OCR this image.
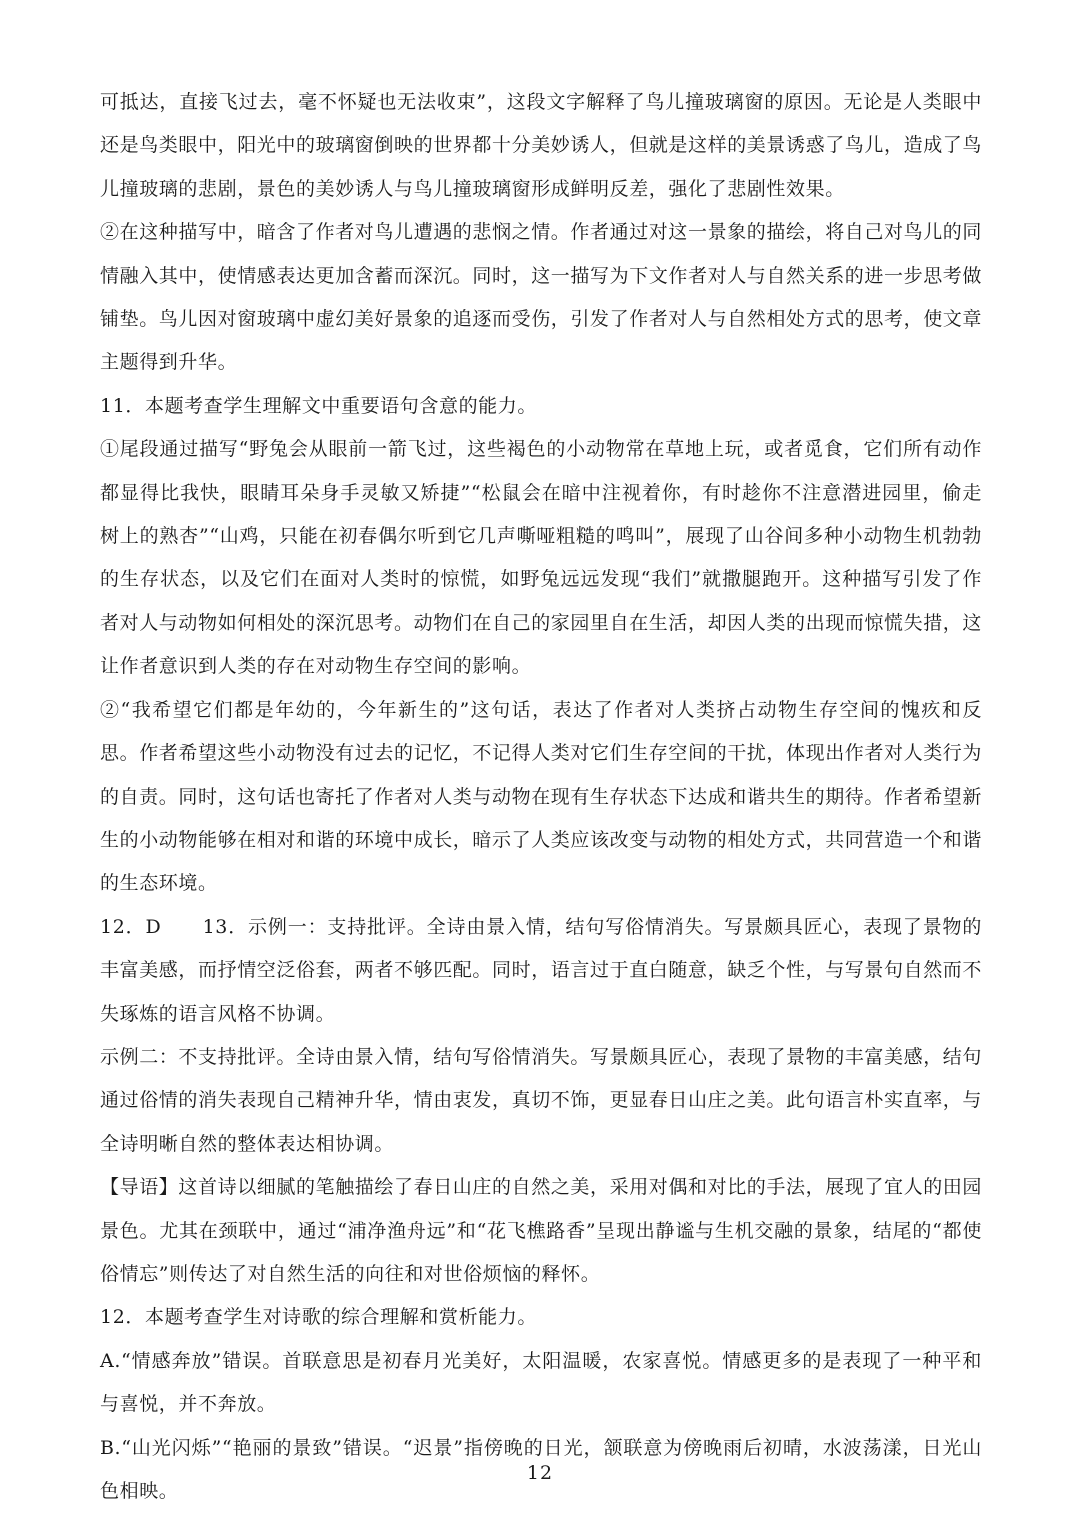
可抵达，直接飞过去，毫不怀疑也无法收束”，这段文字解释了鸟儿撞玻璃窗的原因。无论是人类眼中还是鸟类眼中，阳光中的玻璃窗倒映的世界都十分美妙诱人，但就是这样的美景诱惑了鸟儿，造成了鸟儿撞玻璃的悲剧，景色的美妙诱人与鸟儿撞玻璃窗形成鲜明反差，强化了悲剧性效果。

②在这种描写中，暗含了作者对鸟儿遭遇的悲悯之情。作者通过对这一景象的描绘，将自己对鸟儿的同情融入其中，使情感表达更加含蓄而深沉。同时，这一描写为下文作者对人与自然关系的进一步思考做铺垫。鸟儿因对窗玻璃中虚幻美好景象的追逐而受伤，引发了作者对人与自然相处方式的思考，使文章主题得到升华。

11．本题考查学生理解文中重要语句含意的能力。

①尾段通过描写“野兔会从眼前一箭飞过，这些褐色的小动物常在草地上玩，或者觅食，它们所有动作都显得比我快，眼睛耳朵身手灵敏又矫捷”“松鼠会在暗中注视着你，有时趁你不注意潜进园里，偷走树上的熟杏”“山鸡，只能在初春偶尔听到它几声嘶哑粗糙的鸣叫”，展现了山谷间多种小动物生机勃勃的生存状态，以及它们在面对人类时的惊慌，如野兔远远发现“我们”就撒腿跑开。这种描写引发了作者对人与动物如何相处的深沉思考。动物们在自己的家园里自在生活，却因人类的出现而惊慌失措，这让作者意识到人类的存在对动物生存空间的影响。

②“我希望它们都是年幼的，今年新生的”这句话，表达了作者对人类挤占动物生存空间的愧疚和反思。作者希望这些小动物没有过去的记忆，不记得人类对它们生存空间的干扰，体现出作者对人类行为的自责。同时，这句话也寄托了作者对人类与动物在现有生存状态下达成和谐共生的期待。作者希望新生的小动物能够在相对和谐的环境中成长，暗示了人类应该改变与动物的相处方式，共同营造一个和谐的生态环境。

12．D      13．示例一：支持批评。全诗由景入情，结句写俗情消失。写景颇具匠心，表现了景物的丰富美感，而抒情空泛俗套，两者不够匹配。同时，语言过于直白随意，缺乏个性，与写景句自然而不失琢炼的语言风格不协调。

示例二：不支持批评。全诗由景入情，结句写俗情消失。写景颇具匠心，表现了景物的丰富美感，结句通过俗情的消失表现自己精神升华，情由衷发，真切不饰，更显春日山庄之美。此句语言朴实直率，与全诗明晰自然的整体表达相协调。

【导语】这首诗以细腻的笔触描绘了春日山庄的自然之美，采用对偶和对比的手法，展现了宜人的田园景色。尤其在颈联中，通过“浦净渔舟远”和“花飞樵路香”呈现出静谧与生机交融的景象，结尾的“都使俗情忘”则传达了对自然生活的向往和对世俗烦恼的释怀。

12．本题考查学生对诗歌的综合理解和赏析能力。

A.“情感奔放”错误。首联意思是初春月光美好，太阳温暖，农家喜悦。情感更多的是表现了一种平和与喜悦，并不奔放。

B.“山光闪烁”“艳丽的景致”错误。“迟景”指傍晚的日光，颔联意为傍晚雨后初晴，水波荡漾，日光山色相映。

12
